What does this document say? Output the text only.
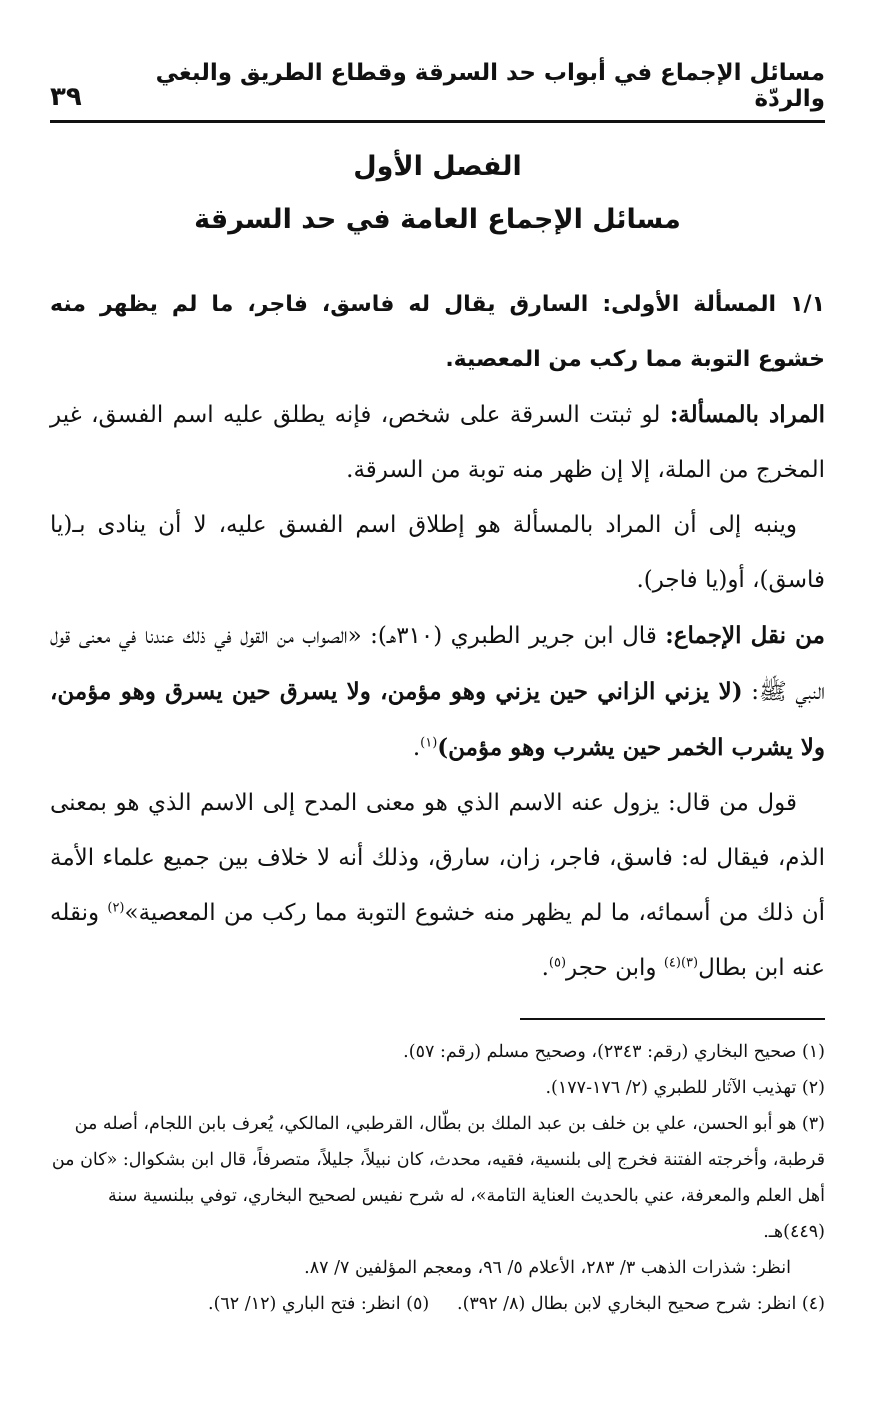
مسائل الإجماع في أبواب حد السرقة وقطاع الطريق والبغي والردّة
٣٩
الفصل الأول
مسائل الإجماع العامة في حد السرقة

١/١ المسألة الأولى: السارق يقال له فاسق، فاجر، ما لم يظهر منه خشوع التوبة مما ركب من المعصية.

المراد بالمسألة: لو ثبتت السرقة على شخص، فإنه يطلق عليه اسم الفسق، غير المخرج من الملة، إلا إن ظهر منه توبة من السرقة.

وينبه إلى أن المراد بالمسألة هو إطلاق اسم الفسق عليه، لا أن ينادى بـ(يا فاسق)، أو(يا فاجر).

من نقل الإجماع: قال ابن جرير الطبري (٣١٠هـ): «الصواب من القول في ذلك عندنا في معنى قول النبي ﷺ: (لا يزني الزاني حين يزني وهو مؤمن، ولا يسرق حين يسرق وهو مؤمن، ولا يشرب الخمر حين يشرب وهو مؤمن)$^{(١)}$.

قول من قال: يزول عنه الاسم الذي هو معنى المدح إلى الاسم الذي هو بمعنى الذم، فيقال له: فاسق، فاجر، زان، سارق، وذلك أنه لا خلاف بين جميع علماء الأمة أن ذلك من أسمائه، ما لم يظهر منه خشوع التوبة مما ركب من المعصية»$^{(٢)}$ ونقله عنه ابن بطال$^{(٣)(٤)}$ وابن حجر$^{(٥)}$.

(١) صحيح البخاري (رقم: ٢٣٤٣)، وصحيح مسلم (رقم: ٥٧).

(٢) تهذيب الآثار للطبري (٢/ ١٧٦-١٧٧).

(٣) هو أبو الحسن، علي بن خلف بن عبد الملك بن بطّال، القرطبي، المالكي، يُعرف بابن اللجام، أصله من قرطبة، وأخرجته الفتنة فخرج إلى بلنسية، فقيه، محدث، كان نبيلاً، جليلاً، متصرفاً، قال ابن بشكوال: «كان من أهل العلم والمعرفة، عني بالحديث العناية التامة»، له شرح نفيس لصحيح البخاري، توفي ببلنسية سنة (٤٤٩)هـ.

انظر: شذرات الذهب ٣/ ٢٨٣، الأعلام ٥/ ٩٦، ومعجم المؤلفين ٧/ ٨٧.

(٤) انظر: شرح صحيح البخاري لابن بطال (٨/ ٣٩٢).     (٥) انظر: فتح الباري (١٢/ ٦٢).
